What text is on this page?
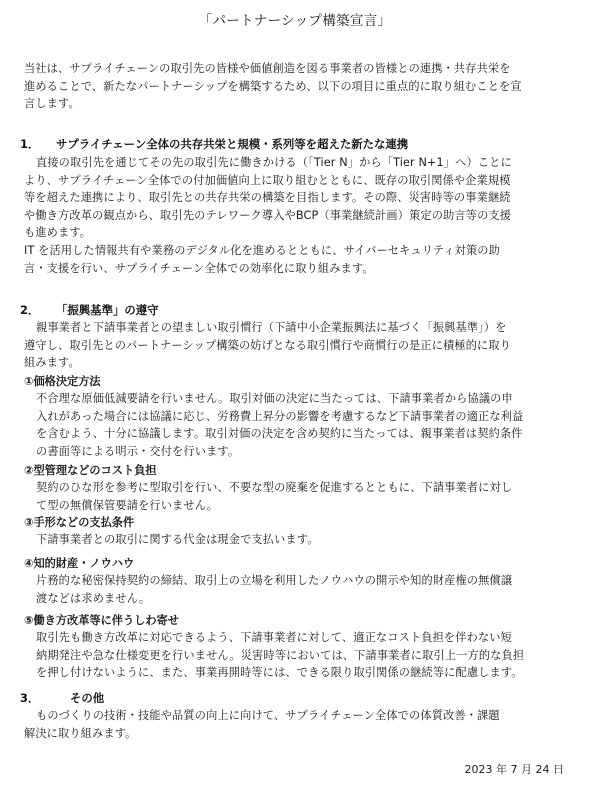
「パートナーシップ構築宣言」
当社は、サプライチェーンの取引先の皆様や価値創造を図る事業者の皆様との連携・共存共栄を
進めることで、新たなパートナーシップを構築するため、以下の項目に重点的に取り組むことを宣
言します。
1． サプライチェーン全体の共存共栄と規模・系列等を超えた新たな連携
直接の取引先を通じてその先の取引先に働きかける（「Tier N」から「Tier N+1」へ）ことに
より、サプライチェーン全体での付加価値向上に取り組むとともに、既存の取引関係や企業規模
等を超えた連携により、取引先との共存共栄の構築を目指します。その際、災害時等の事業継続
や働き方改革の観点から、取引先のテレワーク導入やBCP（事業継続計画）策定の助言等の支援
も進めます。
IT を活用した情報共有や業務のデジタル化を進めるとともに、サイバーセキュリティ対策の助
言・支援を行い、サプライチェーン全体での効率化に取り組みます。
2． 「振興基準」の遵守
親事業者と下請事業者との望ましい取引慣行（下請中小企業振興法に基づく「振興基準」）を
遵守し、取引先とのパートナーシップ構築の妨げとなる取引慣行や商慣行の是正に積極的に取り
組みます。
①価格決定方法
不合理な原価低減要請を行いません。取引対価の決定に当たっては、下請事業者から協議の申
入れがあった場合には協議に応じ、労務費上昇分の影響を考慮するなど下請事業者の適正な利益
を含むよう、十分に協議します。取引対価の決定を含め契約に当たっては、親事業者は契約条件
の書面等による明示・交付を行います。
②型管理などのコスト負担
契約のひな形を参考に型取引を行い、不要な型の廃棄を促進するとともに、下請事業者に対し
て型の無償保管要請を行いません。
③手形などの支払条件
下請事業者との取引に関する代金は現金で支払います。
④知的財産・ノウハウ
片務的な秘密保持契約の締結、取引上の立場を利用したノウハウの開示や知的財産権の無償譲
渡などは求めません。
⑤働き方改革等に伴うしわ寄せ
取引先も働き方改革に対応できるよう、下請事業者に対して、適正なコスト負担を伴わない短
納期発注や急な仕様変更を行いません。災害時等においては、下請事業者に取引上一方的な負担
を押し付けないように、また、事業再開時等には、できる限り取引関係の継続等に配慮します。
3．	その他
ものづくりの技術・技能や品質の向上に向けて、サプライチェーン全体での体質改善・課題
解決に取り組みます。
2023 年 7 月 24 日
